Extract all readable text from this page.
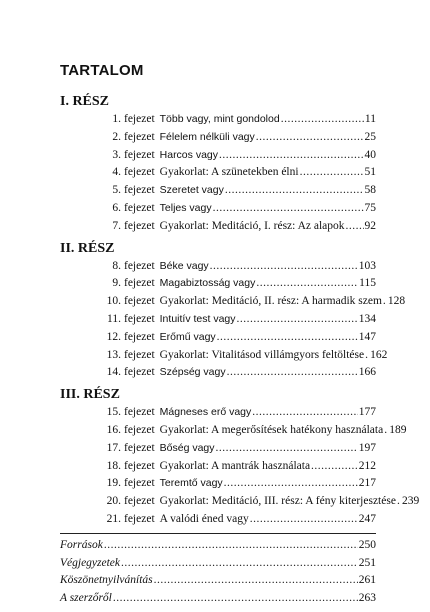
TARTALOM
I. RÉSZ
1. fejezet Több vagy, mint gondolod .....	11
2. fejezet Félelem nélküli vagy .....	25
3. fejezet Harcos vagy .....	40
4. fejezet Gyakorlat: A szünetekben élni .....	51
5. fejezet Szeretet vagy .....	58
6. fejezet Teljes vagy .....	75
7. fejezet Gyakorlat: Meditáció, I. rész: Az alapok ..... 92
II. RÉSZ
8. fejezet Béke vagy .....	103
9. fejezet Magabiztosság vagy .....	115
10. fejezet Gyakorlat: Meditáció, II. rész: A harmadik szem ..... 128
11. fejezet Intuitív test vagy .....	134
12. fejezet Erőmű vagy .....	147
13. fejezet Gyakorlat: Vitalitásod villámgyors feltöltése ..... 162
14. fejezet Szépség vagy .....	166
III. RÉSZ
15. fejezet Mágneses erő vagy .....	177
16. fejezet Gyakorlat: A megerősítések hatékony használata ..... 189
17. fejezet Bőség vagy .....	197
18. fejezet Gyakorlat: A mantrák használata .....	212
19. fejezet Teremtő vagy .....	217
20. fejezet Gyakorlat: Meditáció, III. rész: A fény kiterjesztése ..... 239
21. fejezet A valódi éned vagy .....	247
Források .....	250
Végjegyzetek .....	251
Köszönetnyilvánítás .....	261
A szerzőről .....	263
